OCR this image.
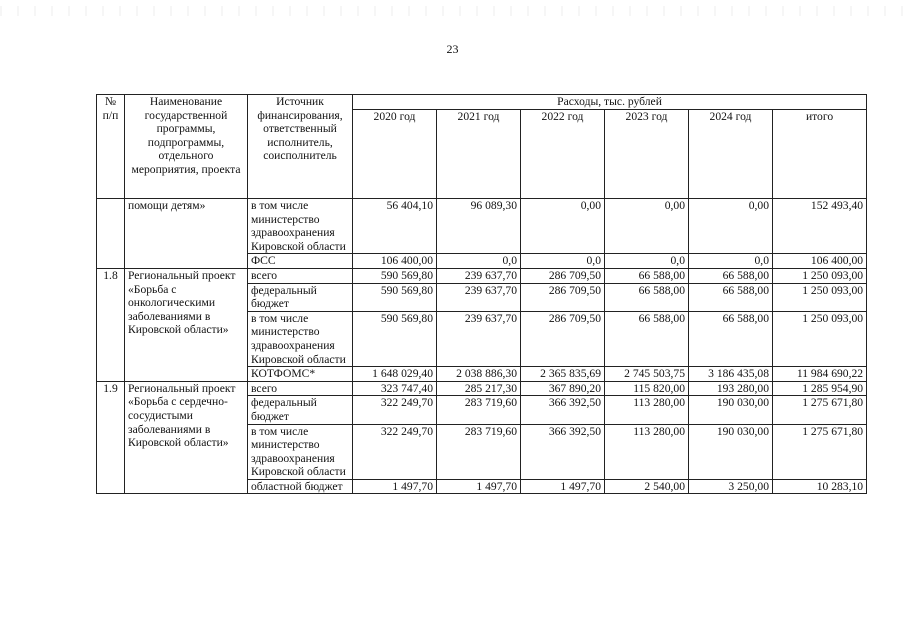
23
№ п/п	Наименование государственной программы, подпрограммы, отдельного мероприятия, проекта	Источник финансирования, ответственный исполнитель, соисполнитель	Расходы, тыс. рублей					
			2020 год	2021 год	2022 год	2023 год	2024 год	итого
	помощи детям»	в том числе министерство здравоохранения Кировской области	56 404,10	96 089,30	0,00	0,00	0,00	152 493,40
		ФСС	106 400,00	0,0	0,0	0,0	0,0	106 400,00
1.8	Региональный проект «Борьба с онкологическими заболеваниями в Кировской области»	всего	590 569,80	239 637,70	286 709,50	66 588,00	66 588,00	1 250 093,00
		федеральный бюджет	590 569,80	239 637,70	286 709,50	66 588,00	66 588,00	1 250 093,00
		в том числе министерство здравоохранения Кировской области	590 569,80	239 637,70	286 709,50	66 588,00	66 588,00	1 250 093,00
		КОТФОМС*	1 648 029,40	2 038 886,30	2 365 835,69	2 745 503,75	3 186 435,08	11 984 690,22
1.9	Региональный проект «Борьба с сердечно-сосудистыми заболеваниями в Кировской области»	всего	323 747,40	285 217,30	367 890,20	115 820,00	193 280,00	1 285 954,90
		федеральный бюджет	322 249,70	283 719,60	366 392,50	113 280,00	190 030,00	1 275 671,80
		в том числе министерство здравоохранения Кировской области	322 249,70	283 719,60	366 392,50	113 280,00	190 030,00	1 275 671,80
		областной бюджет	1 497,70	1 497,70	1 497,70	2 540,00	3 250,00	10 283,10
